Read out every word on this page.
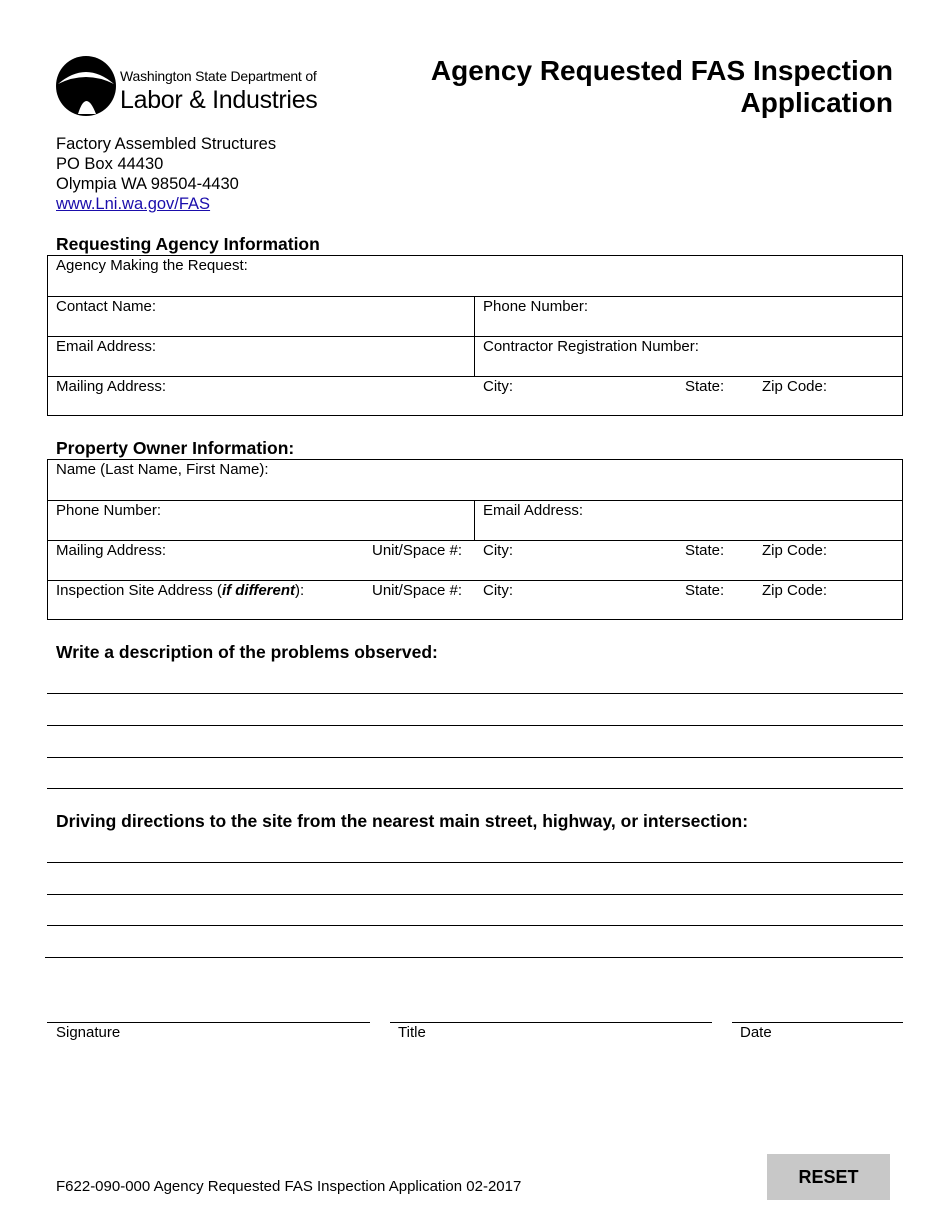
Washington State Department of
Labor & Industries
Agency Requested FAS Inspection
Application
Factory Assembled Structures
PO Box 44430
Olympia WA 98504-4430
www.Lni.wa.gov/FAS
Requesting Agency Information
Agency Making the Request:
Contact Name:	Phone Number:
Email Address:	Contractor Registration Number:
Mailing Address:	City:	State:	Zip Code:
Property Owner Information:
Name (Last Name, First Name):
Phone Number:	Email Address:
Mailing Address:	Unit/Space #: City:	State:	Zip Code:
Inspection Site Address (if different):	Unit/Space #: City:	State:	Zip Code:
Write a description of the problems observed:
Driving directions to the site from the nearest main street, highway, or intersection:
Signature	Title	Date
F622-090-000 Agency Requested FAS Inspection Application 02-2017	RESET
